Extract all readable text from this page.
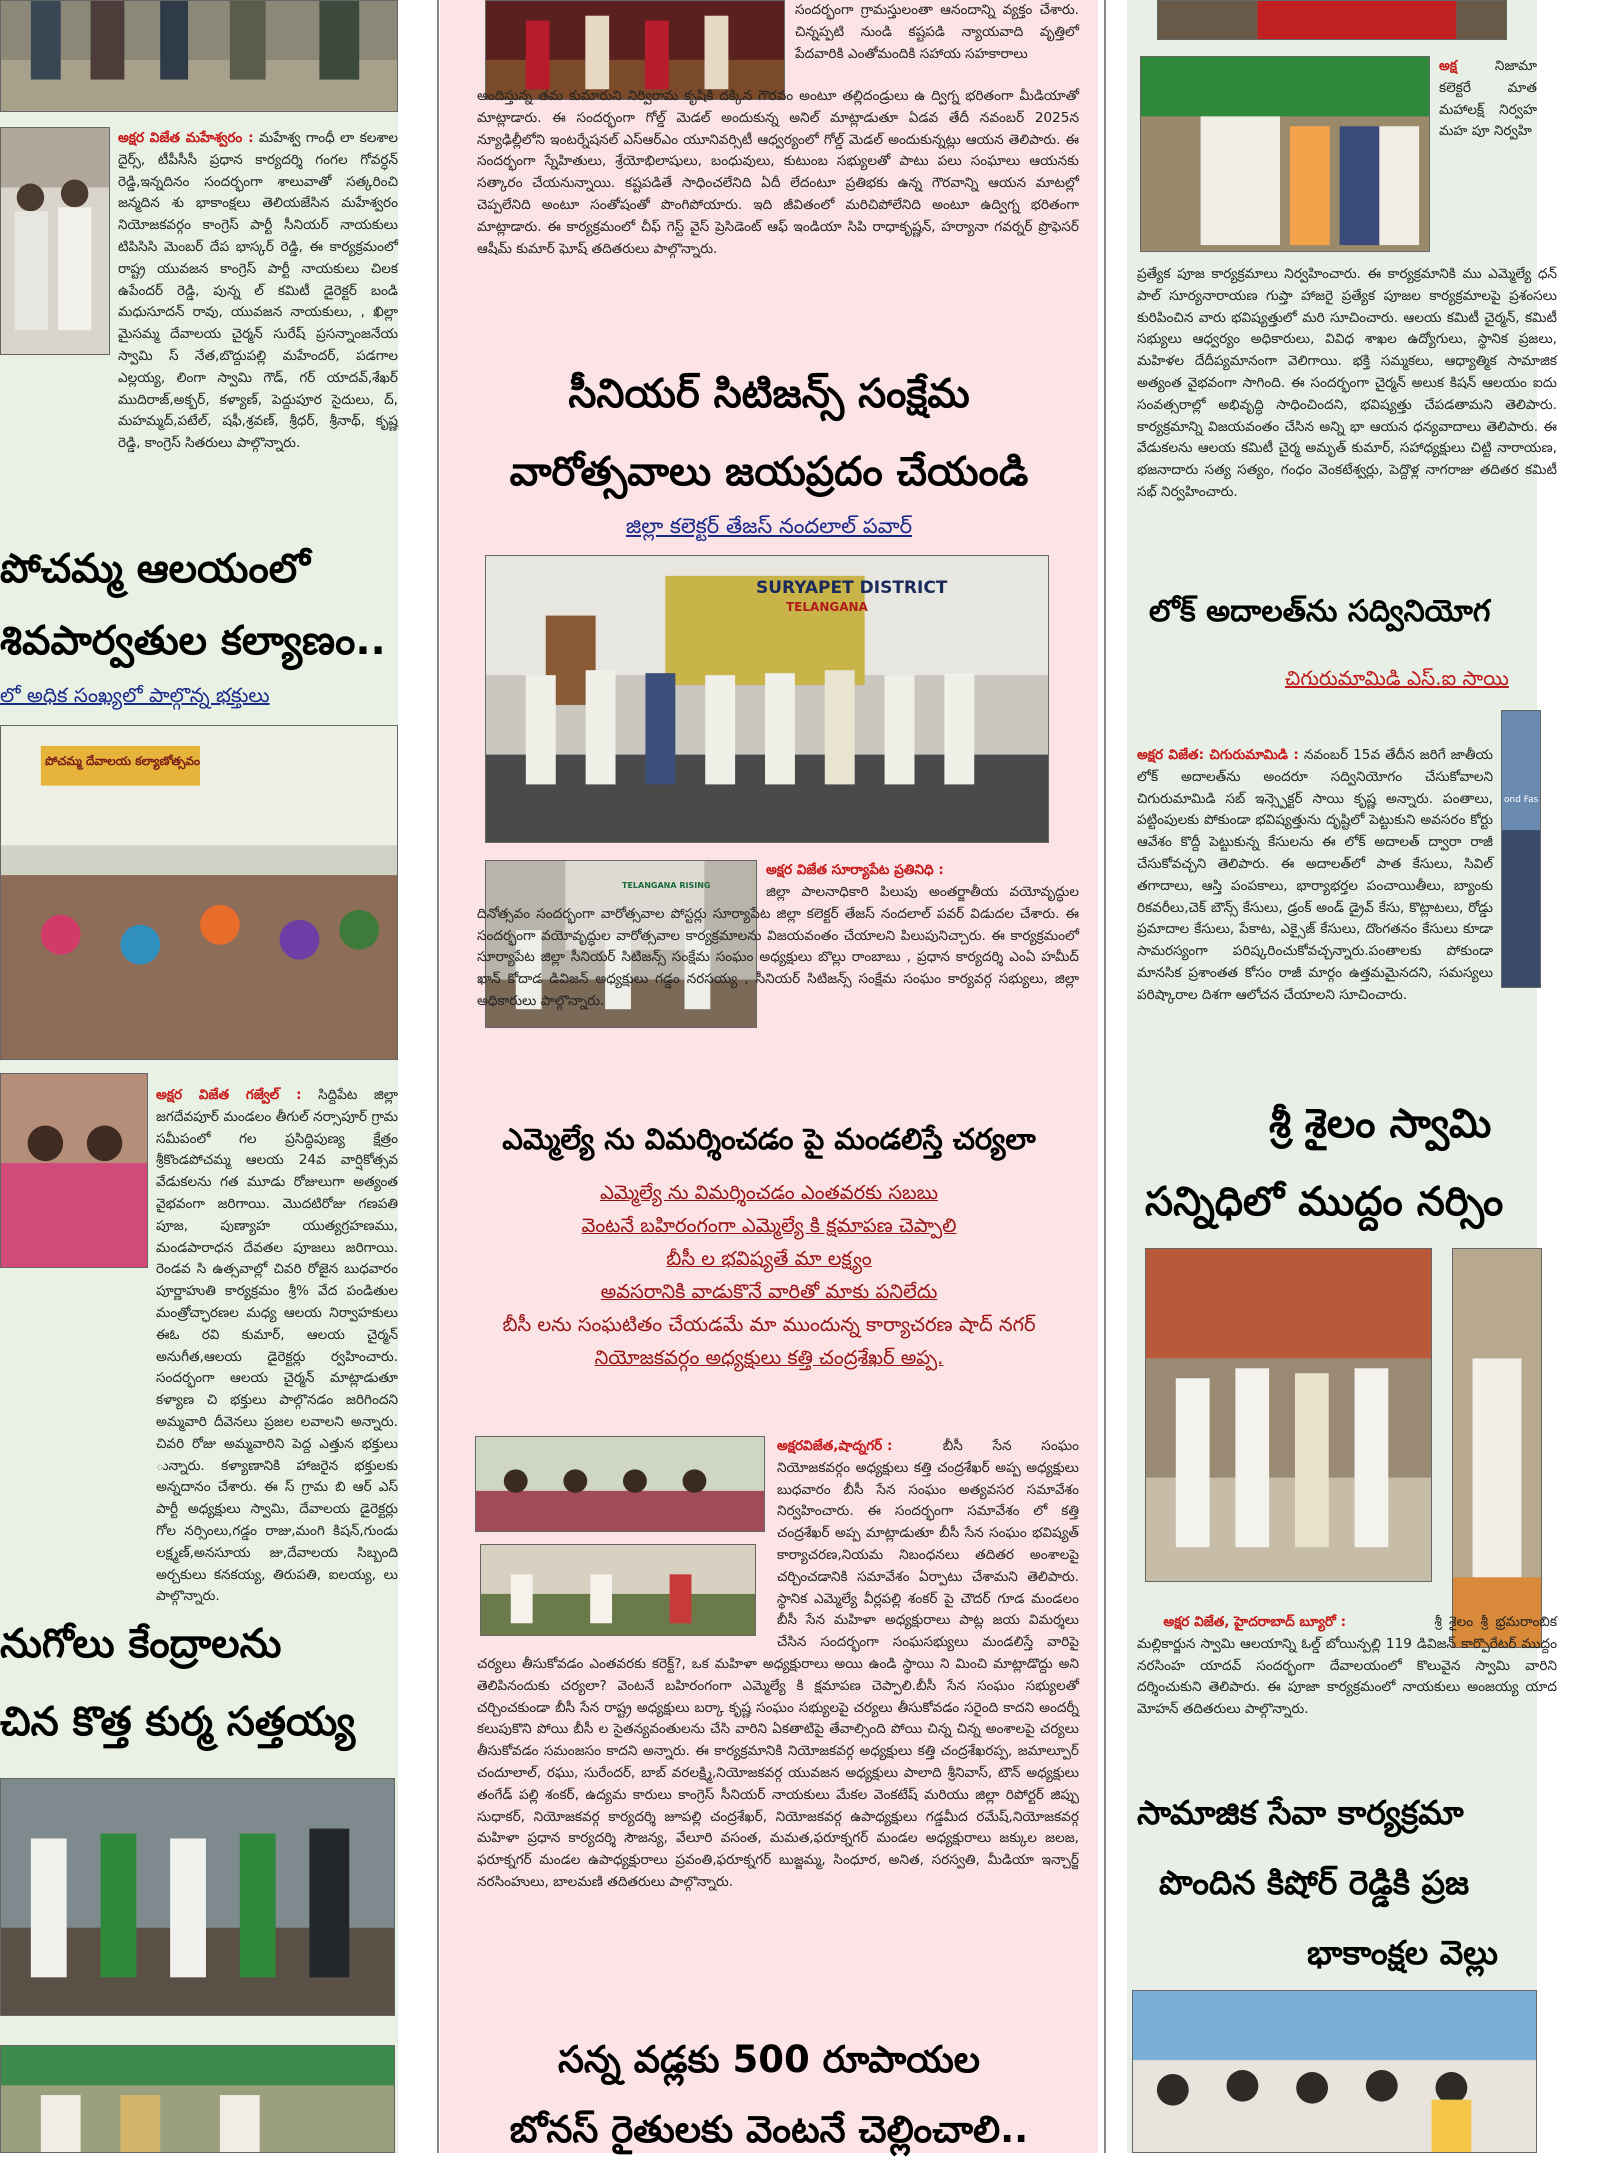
అక్షర విజేత మహేశ్వరం : మహేశ్వ గాంధీ లా కలశాల దైర్స్, టీపీసీసీ ప్రధాన కార్యదర్శి గంగల గోవర్ధన్ రెడ్డి,ఇన్నదినం సందర్భంగా శాలువాతో సత్కరించి జన్మదిన శు భాకాంక్షలు తెలియజేసిన మహేశ్వరం నియోజకవర్గం కాంగ్రెస్ పార్టీ సీనియర్ నాయకులు టిపిసిసి మెంబర్ దేప భాస్కర్ రెడ్డి, ఈ కార్యక్రమంలో రాష్ట్ర యువజన కాంగ్రెస్ పార్టీ నాయకులు చిలక ఉపేందర్ రెడ్డి, పున్న ల్ కమిటీ డైరెక్టర్ బండి మధుసూదన్ రావు, యువజన నాయకులు, , ఖిల్లా మైసమ్మ దేవాలయ చైర్మన్ సురేష్ ప్రసన్నాంజనేయ స్వామి స్ నేత,బొద్దుపల్లి మహేందర్, పడగాల ఎల్లయ్య, లింగా స్వామి గౌడ్, గర్ యాదవ్,శేఖర్ ముదిరాజ్,అక్బర్, కళ్యాణ్, పెద్దుపూర సైదులు, ద్, మహమ్మద్,పటేల్, షఫీ,శ్రవణ్, శ్రీధర్, శ్రీనాథ్, కృష్ణ రెడ్డి, కాంగ్రెస్ సితరులు పాల్గొన్నారు.

పోచమ్మ ఆలయంలో

శివపార్వతుల కల్యాణం..

లో అధిక సంఖ్యలో పాల్గొన్న భక్తులు

పోచమ్మ దేవాలయ కల్యాణోత్సవం

అక్షర విజేత గజ్వేల్ : సిద్దిపేట జిల్లా జగదేవపూర్ మండలం తీగుల్ నర్సాపూర్ గ్రామ సమీపంలో గల ప్రసిద్ధిపుణ్య క్షేత్రం శ్రీకొండపోచమ్మ ఆలయ 24వ వార్షికోత్సవ వేడుకలను గత మూడు రోజులుగా అత్యంత వైభవంగా జరిగాయి. మొదటిరోజు గణపతి పూజ, పుణ్యాహ యుత్యగ్రహణము, మండపారాధన దేవతల పూజలు జరిగాయి. రెండవ సి ఉత్సవాల్లో చివరి రోజైన బుధవారం పూర్ణాహుతి కార్యక్రమం శ్రీ% వేద పండితుల మంత్రోచ్ఛారణల మధ్య ఆలయ నిర్వాహకులు ఈఓ రవి కుమార్, ఆలయ చైర్మన్ అనుగీత,ఆలయ డైరెక్టర్లు ర్వహించారు. సందర్భంగా ఆలయ చైర్మన్ మాట్లాడుతూ కళ్యాణ చి భక్తులు పాల్గొనడం జరిగిందని అమ్మవారి దీవెనలు ప్రజల లవాలని అన్నారు. చివరి రోజు అమ్మవారిని పెద్ద ఎత్తున భక్తులు ున్నారు. కళ్యాణానికి హాజరైన భక్తులకు అన్నదానం చేశారు. ఈ స్ గ్రామ బి ఆర్ ఎస్ పార్టీ అధ్యక్షులు స్వామి, దేవాలయ డైరెక్టర్లు గోల నర్సింలు,గడ్డం రాజు,మంగి కిషన్,గుండు లక్ష్మణ్,అనసూయ జు,దేవాలయ సిబ్బంది అర్చకులు కనకయ్య, తిరుపతి, ఐలయ్య, లు పాల్గొన్నారు.

నుగోలు కేంద్రాలను

చిన కొత్త కుర్మ సత్తయ్య

సందర్భంగా గ్రామస్తులంతా ఆనందాన్ని వ్యక్తం చేశారు. చిన్నప్పటి నుండి కష్టపడి న్యాయవాది వృత్తిలో పేదవారికి ఎంతోమందికి సహాయ సహకారాలు

అందిస్తున్న తమ కుమారుని నిర్విరామ కృషికి దక్కిన గౌరవం అంటూ తల్లిదండ్రులు ఉ ద్విగ్న భరితంగా మీడియాతో మాట్లాడారు. ఈ సందర్భంగా గోల్డ్ మెడల్ అందుకున్న అనిల్ మాట్లాడుతూ ఏడవ తేదీ నవంబర్ 2025న న్యూఢిల్లీలోని ఇంటర్నేషనల్ ఎస్ఆర్ఎం యూనివర్సిటీ ఆధ్వర్యంలో గోల్డ్ మెడల్ అందుకున్నట్లు ఆయన తెలిపారు. ఈ సందర్భంగా స్నేహితులు, శ్రేయోభిలాషులు, బంధువులు, కుటుంబ సభ్యులతో పాటు పలు సంఘాలు ఆయనకు సత్కారం చేయనున్నాయి. కష్టపడితే సాధించలేనిది ఏదీ లేదంటూ ప్రతిభకు ఉన్న గౌరవాన్ని ఆయన మాటల్లో చెప్పలేనిది అంటూ సంతోషంతో పొంగిపోయారు. ఇది జీవితంలో మరిచిపోలేనిది అంటూ ఉద్విగ్న భరితంగా మాట్లాడారు. ఈ కార్యక్రమంలో చీఫ్ గెస్ట్ వైస్ ప్రెసిడెంట్ ఆఫ్ ఇండియా సిపి రాధాకృష్ణన్, హర్యానా గవర్నర్ ప్రొఫెసర్ ఆషీమ్ కుమార్ ఘోష్ తదితరులు పాల్గొన్నారు.

సీనియర్ సిటిజన్స్ సంక్షేమ

వారోత్సవాలు జయప్రదం చేయండి

జిల్లా కలెక్టర్ తేజస్ నందలాల్ పవార్

SURYAPET DISTRICT
TELANGANA
TELANGANA RISING

అక్షర విజేత సూర్యాపేట ప్రతినిధి :

జిల్లా పాలనాధికారి పిలుపు అంతర్జాతీయ వయోవృద్ధుల దినోత్సవం సందర్భంగా వారోత్సవాల పోస్టర్లు సూర్యాపేట జిల్లా కలెక్టర్ తేజస్ నందలాల్ పవర్ విడుదల చేశారు. ఈ సందర్భంగా వయోవృద్ధుల వారోత్సవాల కార్యక్రమాలను విజయవంతం చేయాలని పిలుపునిచ్చారు. ఈ కార్యక్రమంలో సూర్యాపేట జిల్లా సీనియర్ సిటిజన్స్ సంక్షేమ సంఘం అధ్యక్షులు బొల్లు రాంబాబు , ప్రధాన కార్యదర్శి ఎంఏ హమీద్ ఖాన్ కోదాడ డివిజన్ అధ్యక్షులు గడ్డం నరసయ్య , సీనియర్ సిటిజన్స్ సంక్షేమ సంఘం కార్యవర్గ సభ్యులు, జిల్లా అధికారులు పాల్గొన్నారు.

ఎమ్మెల్యే ను విమర్శించడం పై మండలిస్తే చర్యలా

ఎమ్మెల్యే ను విమర్శించడం ఎంతవరకు సబబు

వెంటనే బహిరంగంగా ఎమ్మెల్యే కి క్షమాపణ చెప్పాలి

బీసీ ల భవిష్యతే మా లక్ష్యం

అవసరానికి వాడుకొనే వారితో మాకు పనిలేదు

బీసీ లను సంఘటితం చేయడమే మా ముందున్న కార్యాచరణ షాద్ నగర్

నియోజకవర్గం అధ్యక్షులు కత్తి చంద్రశేఖర్ అప్ప.

అక్షరవిజేత,షాద్నగర్ :	బీసీ సేన సంఘం నియోజకవర్గం అధ్యక్షులు కత్తి చంద్రశేఖర్ అప్ప అధ్యక్షులు బుధవారం బీసీ సేన సంఘం అత్యవసర సమావేశం నిర్వహించారు. ఈ సందర్భంగా సమావేశం లో కత్తి చంద్రశేఖర్ అప్ప మాట్లాడుతూ బీసీ సేన సంఘం భవిష్యత్ కార్యాచరణ,నియమ నిబంధనలు తదితర అంశాలపై చర్చించడానికి సమావేశం ఏర్పాటు చేశామని తెలిపారు. స్థానిక ఎమ్మెల్యే వీర్లపల్లి శంకర్ పై చౌదర్ గూడ మండలం బీసీ సేన మహిళా అధ్యక్షురాలు పాట్ల జయ విమర్శలు చేసిన సందర్భంగా సంఘసభ్యులు మండలిస్తే వారిపై చర్యలు తీసుకోవడం ఎంతవరకు కరెక్ట్?, ఒక మహిళా అధ్యక్షురాలు అయి ఉండి స్థాయి ని మించి మాట్లాడొద్దు అని తెలిపినందుకు చర్యలా? వెంటనే బహిరంగంగా ఎమ్మెల్యే కి క్షమాపణ చెప్పాలి.బీసీ సేన సంఘం సభ్యులతో చర్చించకుండా బీసీ సేన రాష్ట్ర అధ్యక్షులు బర్కా కృష్ణ సంఘం సభ్యులపై చర్యలు తీసుకోవడం సరైంది కాదని అందర్నీ కలుపుకొని పోయి బీసీ ల సైతన్యవంతులను చేసి వారిని ఏకతాటిపై తేవాల్సింది పోయి చిన్న చిన్న అంశాలపై చర్యలు తీసుకోవడం సమంజసం కాదని అన్నారు. ఈ కార్యక్రమానికి నియోజకవర్గ అధ్యక్షులు కత్తి చంద్రశేఖరప్ప, జమాల్పూర్ చందూలాల్, రఘు, సురేందర్, బాబ్ వరలక్ష్మి,నియోజకవర్గ యువజన అధ్యక్షులు పాలాది శ్రీనివాస్, టౌన్ అధ్యక్షులు తంగేడ్ పల్లి శంకర్, ఉద్యమ కారులు కాంగ్రెస్ సీనియర్ నాయకులు మేకల వెంకటేష్ మరియు జిల్లా రిపోర్టర్ జిప్పు సుధాకర్, నియోజకవర్గ కార్యదర్శి జూపల్లి చంద్రశేఖర్, నియోజకవర్గ ఉపాధ్యక్షులు గడ్డమీద రమేష్,నియోజకవర్గ మహిళా ప్రధాన కార్యదర్శి సౌజన్య, వేలూరి వసంత, మమత,ఫరూక్నగర్ మండల అధ్యక్షురాలు జక్కుల జలజ, ఫరూక్నగర్ మండల ఉపాధ్యక్షురాలు ప్రవంతి,ఫరూక్నగర్ బుజ్జమ్మ, సింధూర, అనిత, సరస్వతి, మీడియా ఇన్చార్జ్ నరసింహులు, బాలమణి తదితరులు పాల్గొన్నారు.

సన్న వడ్లకు 500 రూపాయల

బోనస్ రైతులకు వెంటనే చెల్లించాలి..

అక్ష	నిజామా కలెక్టరే మాత మహాలక్ష్ నిర్వహ మహ పూ నిర్వహి

ప్రత్యేక పూజ కార్యక్రమాలు నిర్వహించారు. ఈ కార్యక్రమానికి ము ఎమ్మెల్యే ధన్ పాల్ సూర్యనారాయణ గుప్తా హాజరై ప్రత్యేక పూజల కార్యక్రమాలపై ప్రశంసలు కురిపించిన వారు భవిష్యత్తులో మరి సూచించారు. ఆలయ కమిటీ చైర్మన్, కమిటీ సభ్యులు ఆధ్వర్యం అధికారులు, వివిధ శాఖల ఉద్యోగులు, స్థానిక ప్రజలు, మహిళల దేదీప్యమానంగా వెలిగాయి. భక్తి సమ్మకలు, ఆధ్యాత్మిక సామాజిక అత్యంత వైభవంగా సాగింది. ఈ సందర్భంగా చైర్మన్ అలుక కిషన్ ఆలయం ఐదు సంవత్సరాల్లో అభివృద్ధి సాధించిందని, భవిష్యత్తు చేపడతామని తెలిపారు. కార్యక్రమాన్ని విజయవంతం చేసిన అన్ని భా ఆయన ధన్యవాదాలు తెలిపారు. ఈ వేడుకలను ఆలయ కమిటీ చైర్మ అమృత్ కుమార్, సహాధ్యక్షులు చిట్టి నారాయణ, భజనాదారు సత్య సత్యం, గంధం వెంకటేశ్వర్లు, పెద్దొళ్ల నాగరాజు తదితర కమిటీ సభ్ నిర్వహించారు.

లోక్ అదాలత్‌ను సద్వినియోగ

చిగురుమామిడి ఎస్.ఐ సాయి

ond Fas

అక్షర విజేత: చిగురుమామిడి : నవంబర్ 15వ తేదీన జరిగే జాతీయ లోక్ అదాలత్‌ను అందరూ సద్వినియోగం చేసుకోవాలని చిగురుమామిడి సబ్ ఇన్స్పెక్టర్ సాయి కృష్ణ అన్నారు. పంతాలు, పట్టింపులకు పోకుండా భవిష్యత్తును దృష్టిలో పెట్టుకుని అవసరం కోర్టు ఆవేశం కొద్దీ పెట్టుకున్న కేసులను ఈ లోక్ అదాలత్ ద్వారా రాజీ చేసుకోవచ్చని తెలిపారు. ఈ అదాలత్‌లో పాత కేసులు, సివిల్ తగాదాలు, ఆస్తి పంపకాలు, భార్యాభర్తల పంచాయితీలు, బ్యాంకు రికవరీలు,చెక్ బౌన్స్ కేసులు, డ్రంక్ అండ్ డ్రైవ్ కేసు, కొట్లాటలు, రోడ్డు ప్రమాదాల కేసులు, పేకాట, ఎక్సైజ్ కేసులు, దొంగతనం కేసులు కూడా సామరస్యంగా పరిష్కరించుకోవచ్చన్నారు.పంతాలకు పోకుండా మానసిక ప్రశాంతత కోసం రాజీ మార్గం ఉత్తమమైనదని, సమస్యలు పరిష్కారాల దిశగా ఆలోచన చేయాలని సూచించారు.

శ్రీ శైలం స్వామి

సన్నిధిలో ముద్దం నర్సిం

అక్షర విజేత, హైదరాబాద్ బ్యూరో :	శ్రీ శైలం శ్రీ భ్రమరాంబిక మల్లికార్జున స్వామి ఆలయాన్ని ఓల్డ్ బోయిన్పల్లి 119 డివిజన్ కార్పొరేటర్ ముద్దం నరసింహ యాదవ్ సందర్భంగా దేవాలయంలో కొలువైన స్వామి వారిని దర్శించుకుని తెలిపారు. ఈ పూజా కార్యక్రమంలో నాయకులు అంజయ్య యాద మోహన్ తదితరులు పాల్గొన్నారు.

సామాజిక సేవా కార్యక్రమా

పొందిన కిషోర్ రెడ్డికి ప్రజ

భాకాంక్షల వెల్లు
